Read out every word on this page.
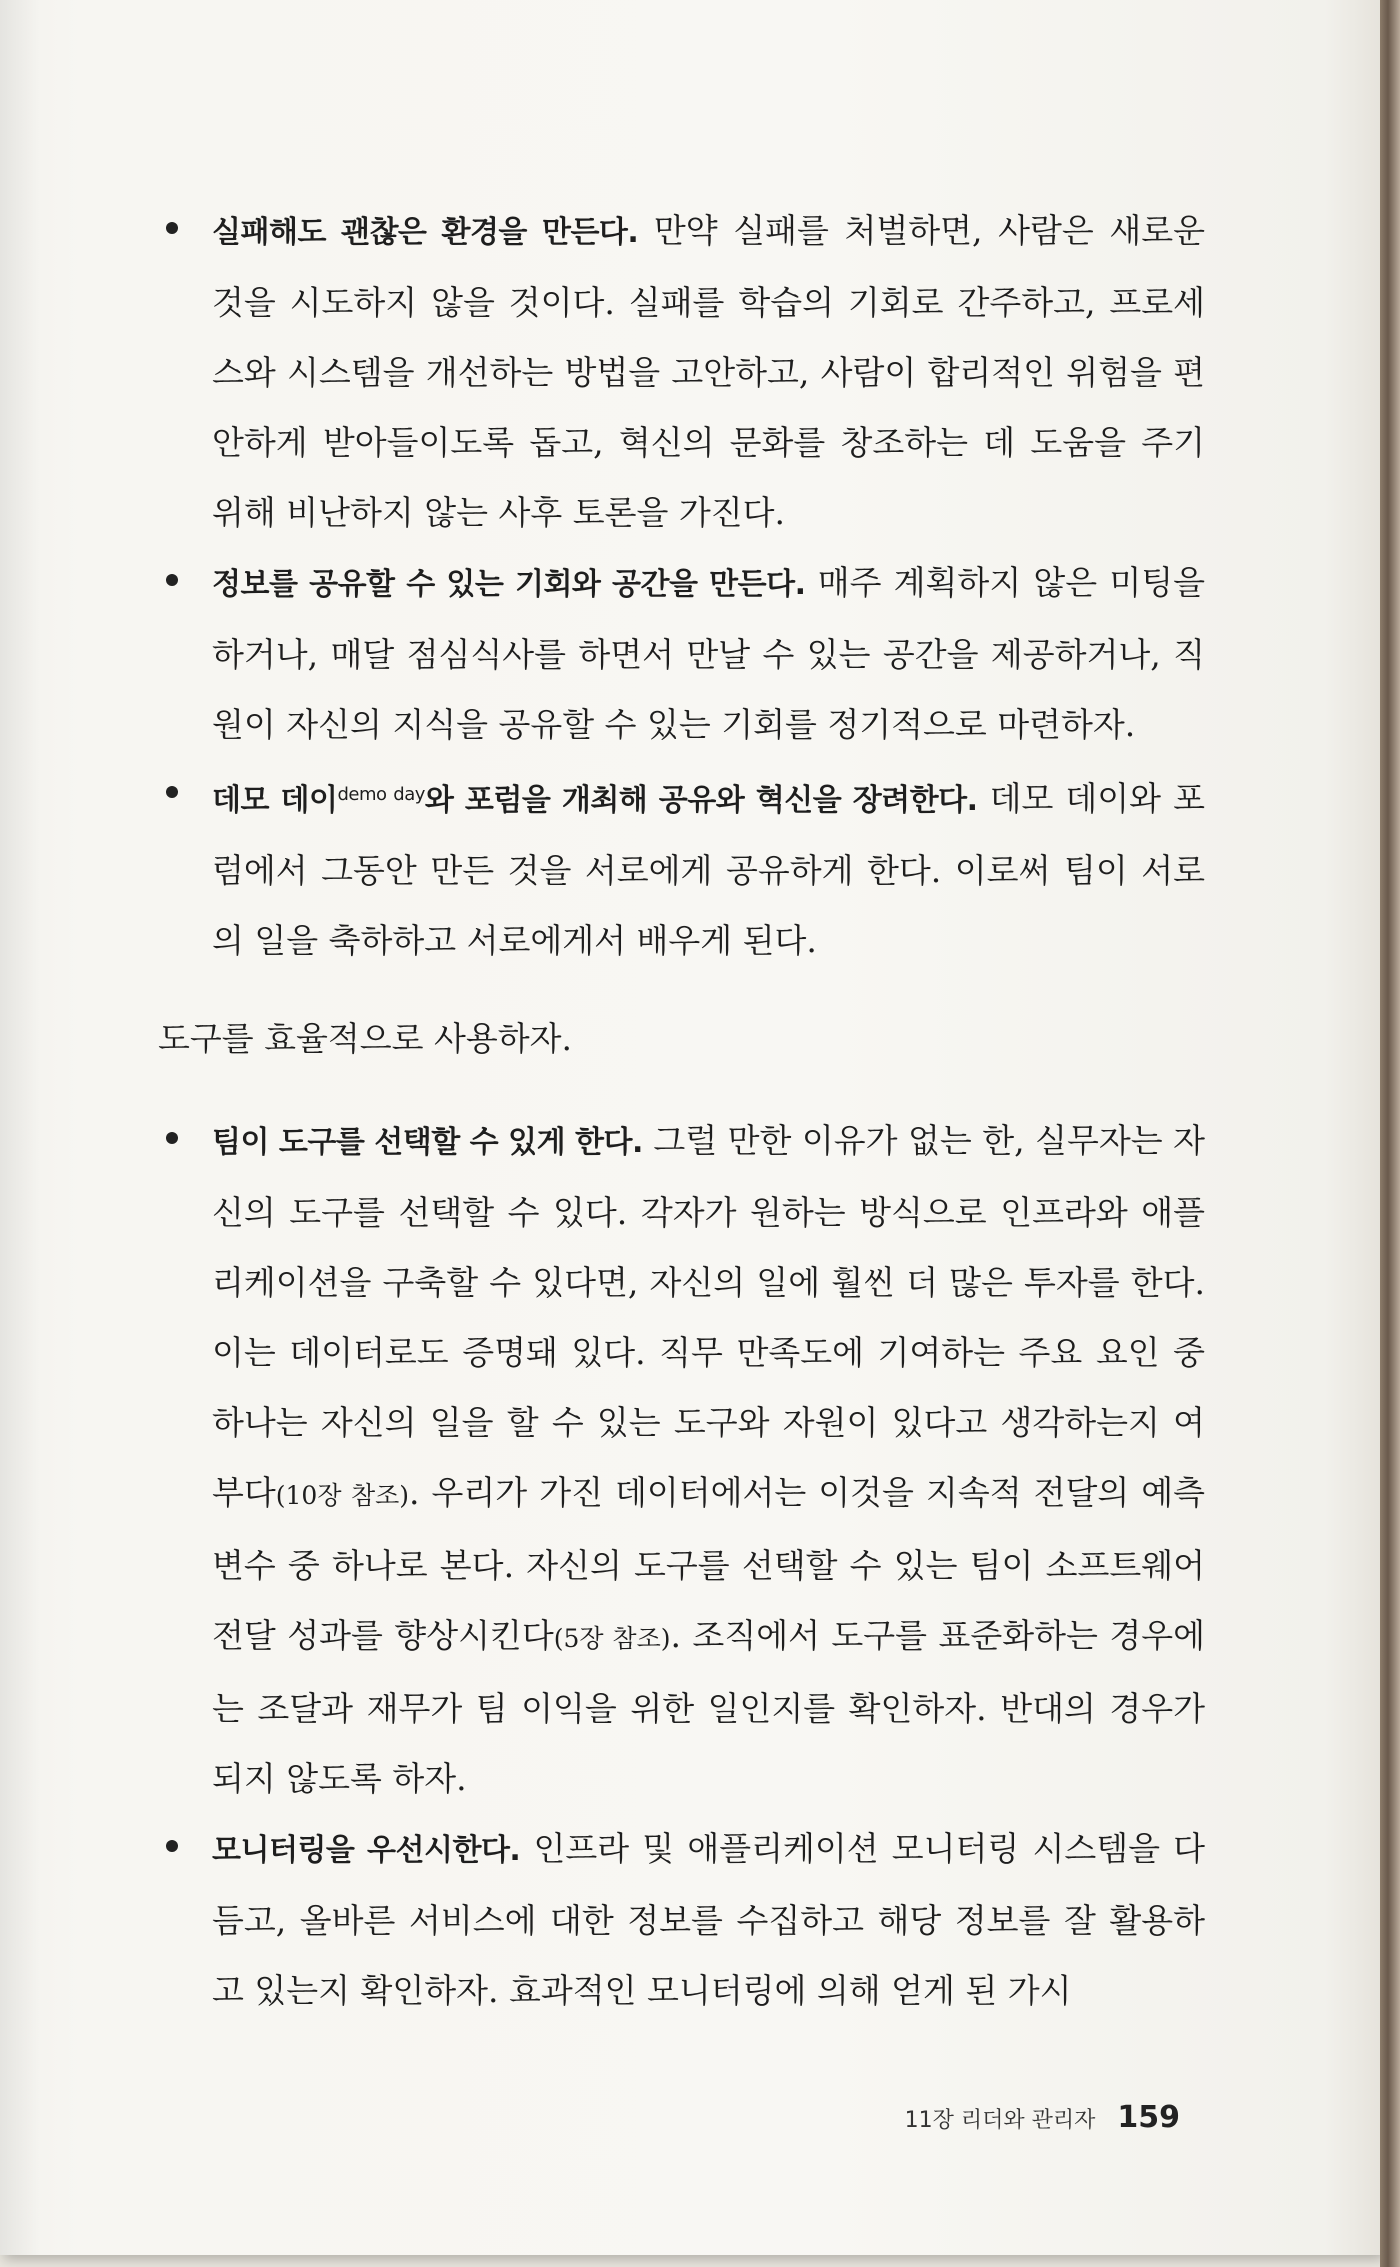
실패해도 괜찮은 환경을 만든다. 만약 실패를 처벌하면, 사람은 새로운 것을 시도하지 않을 것이다. 실패를 학습의 기회로 간주하고, 프로세스와 시스템을 개선하는 방법을 고안하고, 사람이 합리적인 위험을 편안하게 받아들이도록 돕고, 혁신의 문화를 창조하는 데 도움을 주기 위해 비난하지 않는 사후 토론을 가진다.

정보를 공유할 수 있는 기회와 공간을 만든다. 매주 계획하지 않은 미팅을 하거나, 매달 점심식사를 하면서 만날 수 있는 공간을 제공하거나, 직원이 자신의 지식을 공유할 수 있는 기회를 정기적으로 마련하자.

데모 데이$^{demo day}$와 포럼을 개최해 공유와 혁신을 장려한다. 데모 데이와 포럼에서 그동안 만든 것을 서로에게 공유하게 한다. 이로써 팀이 서로의 일을 축하하고 서로에게서 배우게 된다.

도구를 효율적으로 사용하자.

팀이 도구를 선택할 수 있게 한다. 그럴 만한 이유가 없는 한, 실무자는 자신의 도구를 선택할 수 있다. 각자가 원하는 방식으로 인프라와 애플리케이션을 구축할 수 있다면, 자신의 일에 훨씬 더 많은 투자를 한다. 이는 데이터로도 증명돼 있다. 직무 만족도에 기여하는 주요 요인 중 하나는 자신의 일을 할 수 있는 도구와 자원이 있다고 생각하는지 여부다(10장 참조). 우리가 가진 데이터에서는 이것을 지속적 전달의 예측 변수 중 하나로 본다. 자신의 도구를 선택할 수 있는 팀이 소프트웨어 전달 성과를 향상시킨다(5장 참조). 조직에서 도구를 표준화하는 경우에는 조달과 재무가 팀 이익을 위한 일인지를 확인하자. 반대의 경우가 되지 않도록 하자.

모니터링을 우선시한다. 인프라 및 애플리케이션 모니터링 시스템을 다듬고, 올바른 서비스에 대한 정보를 수집하고 해당 정보를 잘 활용하고 있는지 확인하자. 효과적인 모니터링에 의해 얻게 된 가시

11장 리더와 관리자 159
